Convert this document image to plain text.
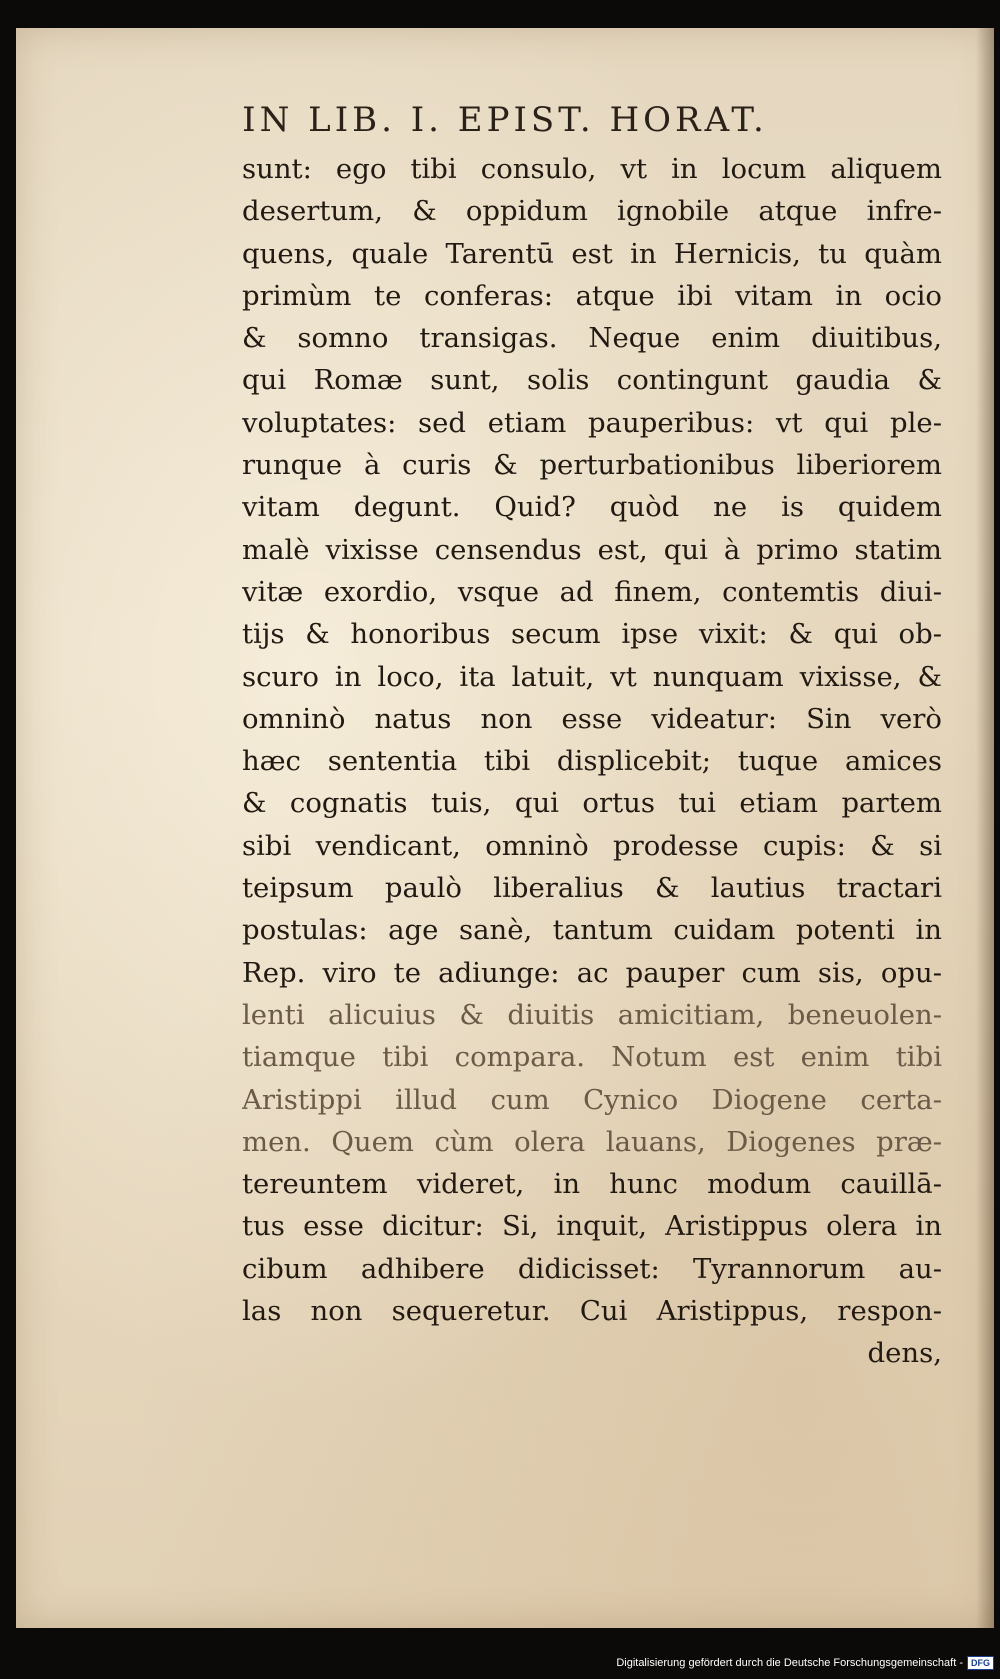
IN LIB. I. EPIST. HORAT.
sunt: ego tibi consulo, vt in locum aliquem
desertum, & oppidum ignobile atque infre-
quens, quale Tarentū est in Hernicis, tu quàm
primùm te conferas: atque ibi vitam in ocio
& somno transigas. Neque enim diuitibus,
qui Romæ sunt, solis contingunt gaudia &
voluptates: sed etiam pauperibus: vt qui ple-
runque à curis & perturbationibus liberiorem
vitam degunt. Quid? quòd ne is quidem
malè vixisse censendus est, qui à primo statim
vitæ exordio, vsque ad finem, contemtis diui-
tijs & honoribus secum ipse vixit: & qui ob-
scuro in loco, ita latuit, vt nunquam vixisse, &
omninò natus non esse videatur: Sin verò
hæc sententia tibi displicebit; tuque amices
& cognatis tuis, qui ortus tui etiam partem
sibi vendicant, omninò prodesse cupis: & si
teipsum paulò liberalius & lautius tractari
postulas: age sanè, tantum cuidam potenti in
Rep. viro te adiunge: ac pauper cum sis, opu-
lenti alicuius & diuitis amicitiam, beneuolen-
tiamque tibi compara. Notum est enim tibi
Aristippi illud cum Cynico Diogene certa-
men. Quem cùm olera lauans, Diogenes præ-
tereuntem videret, in hunc modum cauillā-
tus esse dicitur: Si, inquit, Aristippus olera in
cibum adhibere didicisset: Tyrannorum au-
las non sequeretur. Cui Aristippus, respon-
dens,
Digitalisierung gefördert durch die Deutsche Forschungsgemeinschaft - DFG
